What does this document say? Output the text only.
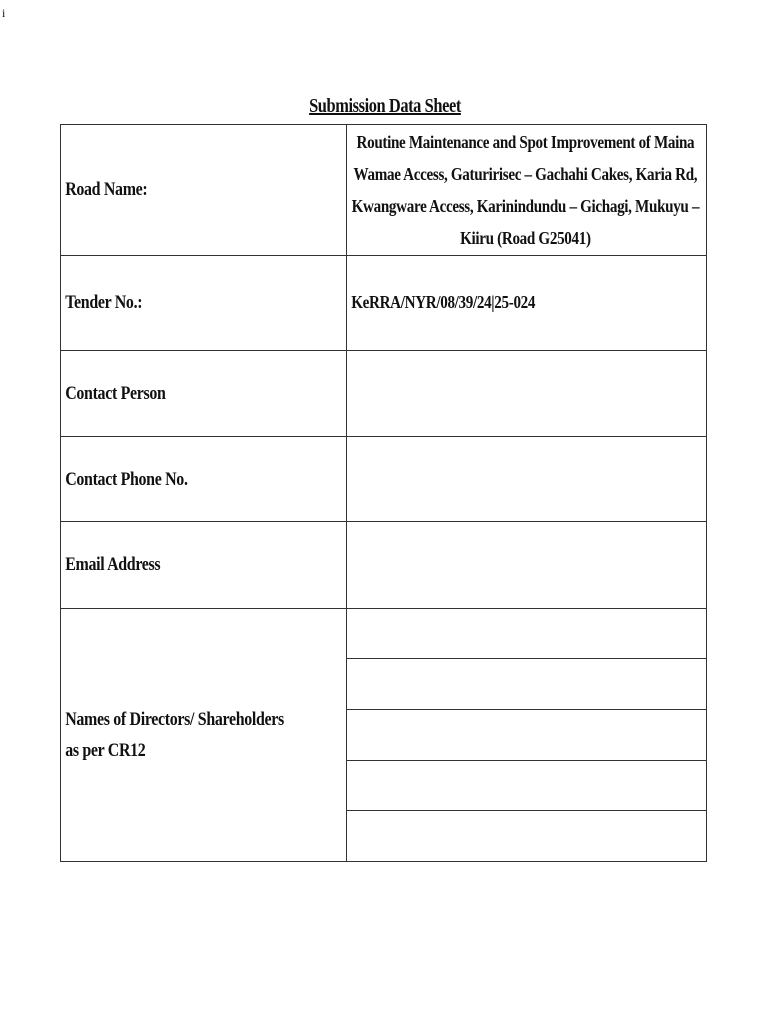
i
Submission Data Sheet
Road Name:	Routine Maintenance and Spot Improvement of Maina Wamae Access, Gaturirisec – Gachahi Cakes, Karia Rd, Kwangware Access, Karinindundu – Gichagi, Mukuyu – Kiiru (Road G25041)

Tender No.:	KeRRA/NYR/08/39/24|25-024

Contact Person	

Contact Phone No.	

Email Address	

Names of Directors/ Shareholders
as per CR12	
